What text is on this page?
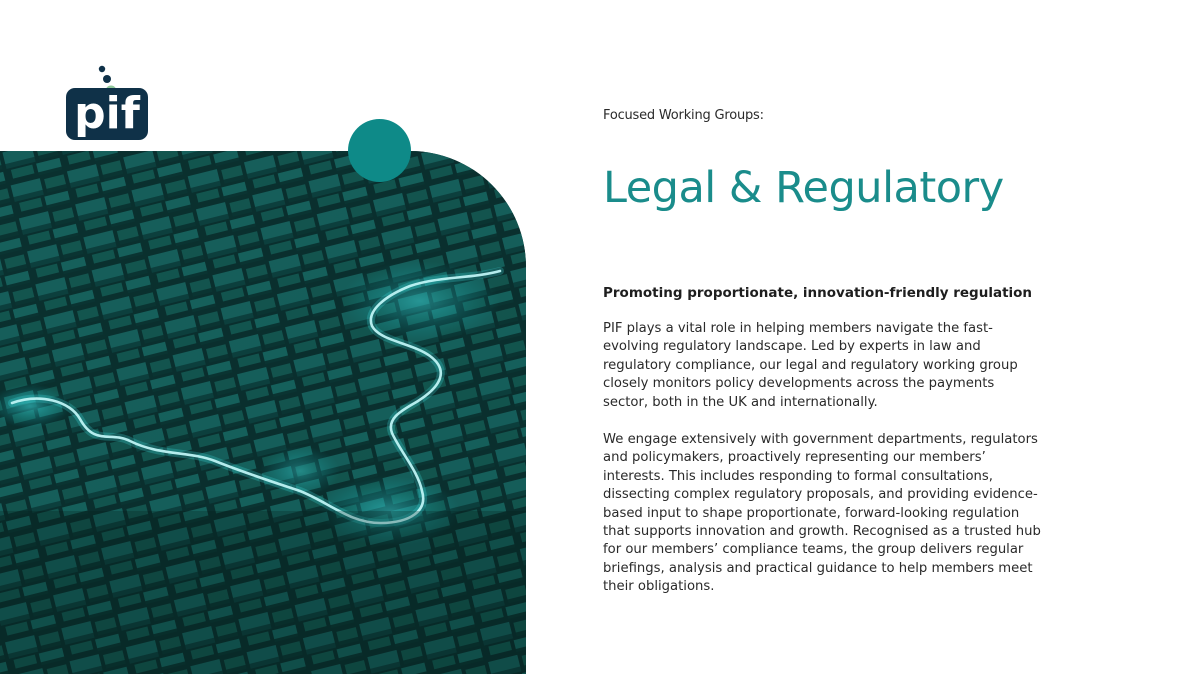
pif	Focused Working Groups:
Legal & Regulatory
Promoting proportionate, innovation-friendly regulation

PIF plays a vital role in helping members navigate the fast-evolving regulatory landscape. Led by experts in law and regulatory compliance, our legal and regulatory working group closely monitors policy developments across the payments sector, both in the UK and internationally.

We engage extensively with government departments, regulators and policymakers, proactively representing our members’ interests. This includes responding to formal consultations, dissecting complex regulatory proposals, and providing evidence-based input to shape proportionate, forward-looking regulation that supports innovation and growth. Recognised as a trusted hub for our members’ compliance teams, the group delivers regular briefings, analysis and practical guidance to help members meet their obligations.
